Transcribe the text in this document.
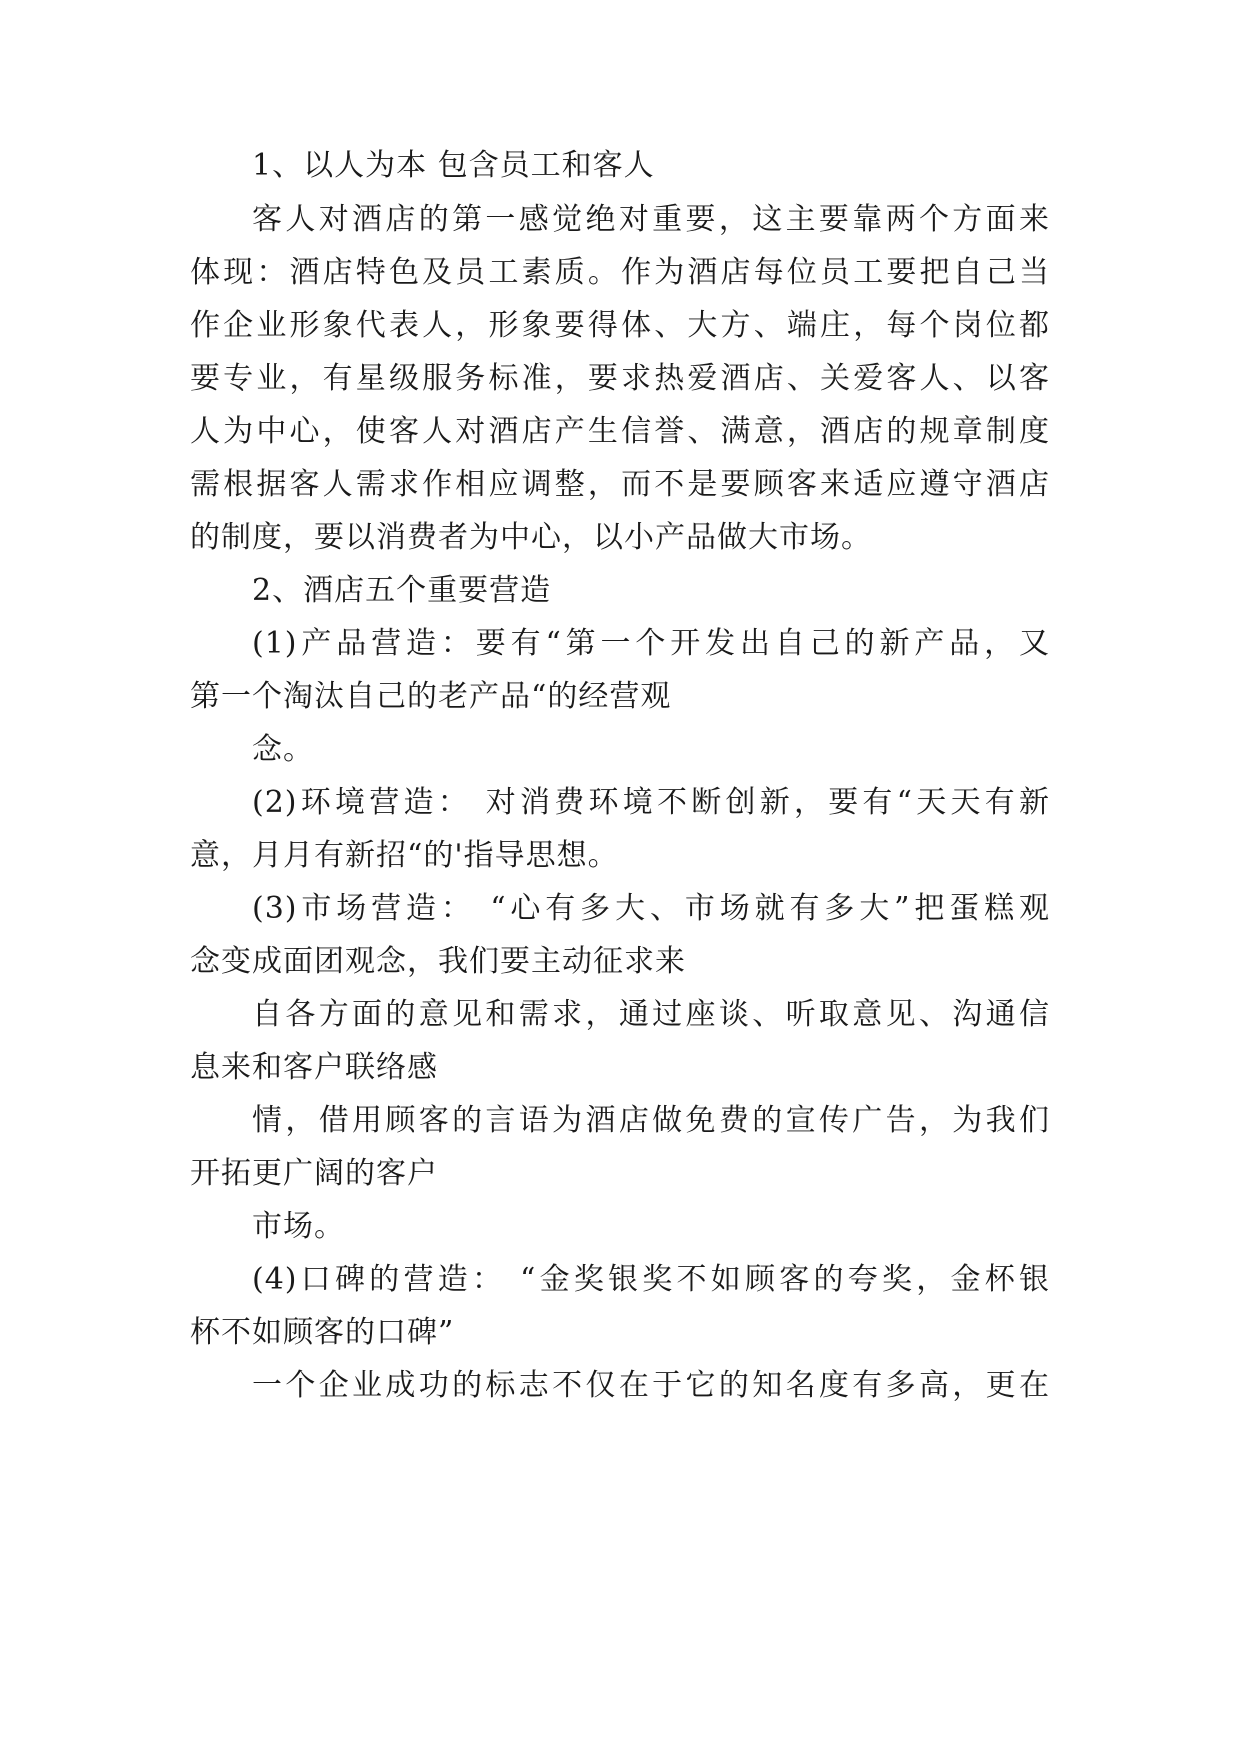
1、以人为本 包含员工和客人
客人对酒店的第一感觉绝对重要，这主要靠两个方面来
体现：酒店特色及员工素质。作为酒店每位员工要把自己当
作企业形象代表人，形象要得体、大方、端庄，每个岗位都
要专业，有星级服务标准，要求热爱酒店、关爱客人、以客
人为中心，使客人对酒店产生信誉、满意，酒店的规章制度
需根据客人需求作相应调整，而不是要顾客来适应遵守酒店
的制度，要以消费者为中心，以小产品做大市场。
2、酒店五个重要营造
(1)产品营造：要有“第一个开发出自己的新产品，又
第一个淘汰自己的老产品“的经营观
念。
(2)环境营造： 对消费环境不断创新，要有“天天有新
意，月月有新招“的'指导思想。
(3)市场营造： “心有多大、市场就有多大”把蛋糕观
念变成面团观念，我们要主动征求来
自各方面的意见和需求，通过座谈、听取意见、沟通信
息来和客户联络感
情，借用顾客的言语为酒店做免费的宣传广告，为我们
开拓更广阔的客户
市场。
(4)口碑的营造： “金奖银奖不如顾客的夸奖，金杯银
杯不如顾客的口碑”
一个企业成功的标志不仅在于它的知名度有多高，更在
